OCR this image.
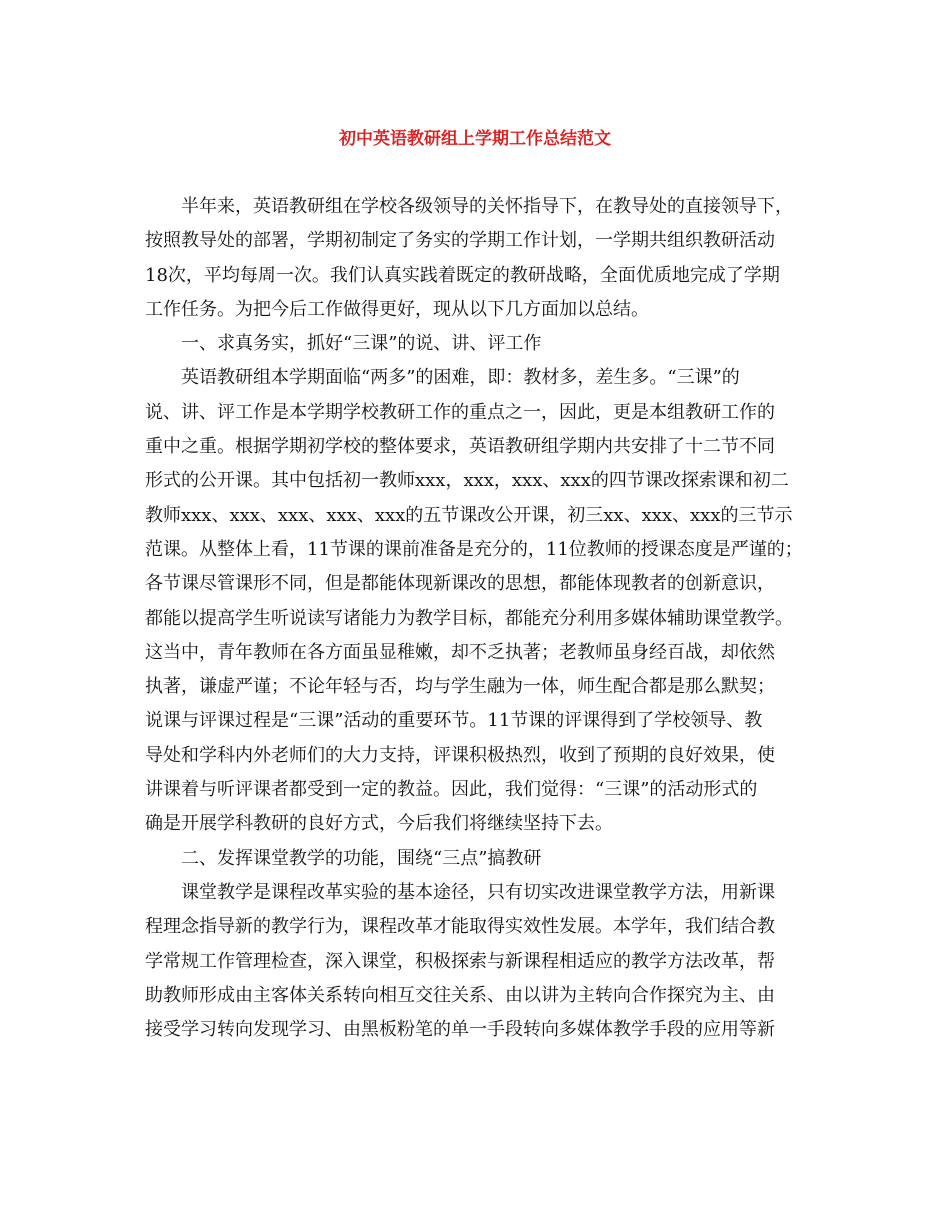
初中英语教研组上学期工作总结范文

半年来，英语教研组在学校各级领导的关怀指导下，在教导处的直接领导下，

按照教导处的部署，学期初制定了务实的学期工作计划，一学期共组织教研活动

18次，平均每周一次。我们认真实践着既定的教研战略，全面优质地完成了学期

工作任务。为把今后工作做得更好，现从以下几方面加以总结。

一、求真务实，抓好“三课”的说、讲、评工作

英语教研组本学期面临“两多”的困难，即：教材多，差生多。“三课”的

说、讲、评工作是本学期学校教研工作的重点之一，因此，更是本组教研工作的

重中之重。根据学期初学校的整体要求，英语教研组学期内共安排了十二节不同

形式的公开课。其中包括初一教师xxx，xxx，xxx、xxx的四节课改探索课和初二

教师xxx、xxx、xxx、xxx、xxx的五节课改公开课，初三xx、xxx、xxx的三节示

范课。从整体上看，11节课的课前准备是充分的，11位教师的授课态度是严谨的；

各节课尽管课形不同，但是都能体现新课改的思想，都能体现教者的创新意识，

都能以提高学生听说读写诸能力为教学目标，都能充分利用多媒体辅助课堂教学。

这当中，青年教师在各方面虽显稚嫩，却不乏执著；老教师虽身经百战，却依然

执著，谦虚严谨；不论年轻与否，均与学生融为一体，师生配合都是那么默契；

说课与评课过程是“三课”活动的重要环节。11节课的评课得到了学校领导、教

导处和学科内外老师们的大力支持，评课积极热烈，收到了预期的良好效果，使

讲课着与听评课者都受到一定的教益。因此，我们觉得：“三课”的活动形式的

确是开展学科教研的良好方式，今后我们将继续坚持下去。

二、发挥课堂教学的功能，围绕“三点”搞教研

课堂教学是课程改革实验的基本途径，只有切实改进课堂教学方法，用新课

程理念指导新的教学行为，课程改革才能取得实效性发展。本学年，我们结合教

学常规工作管理检查，深入课堂，积极探索与新课程相适应的教学方法改革，帮

助教师形成由主客体关系转向相互交往关系、由以讲为主转向合作探究为主、由

接受学习转向发现学习、由黑板粉笔的单一手段转向多媒体教学手段的应用等新
